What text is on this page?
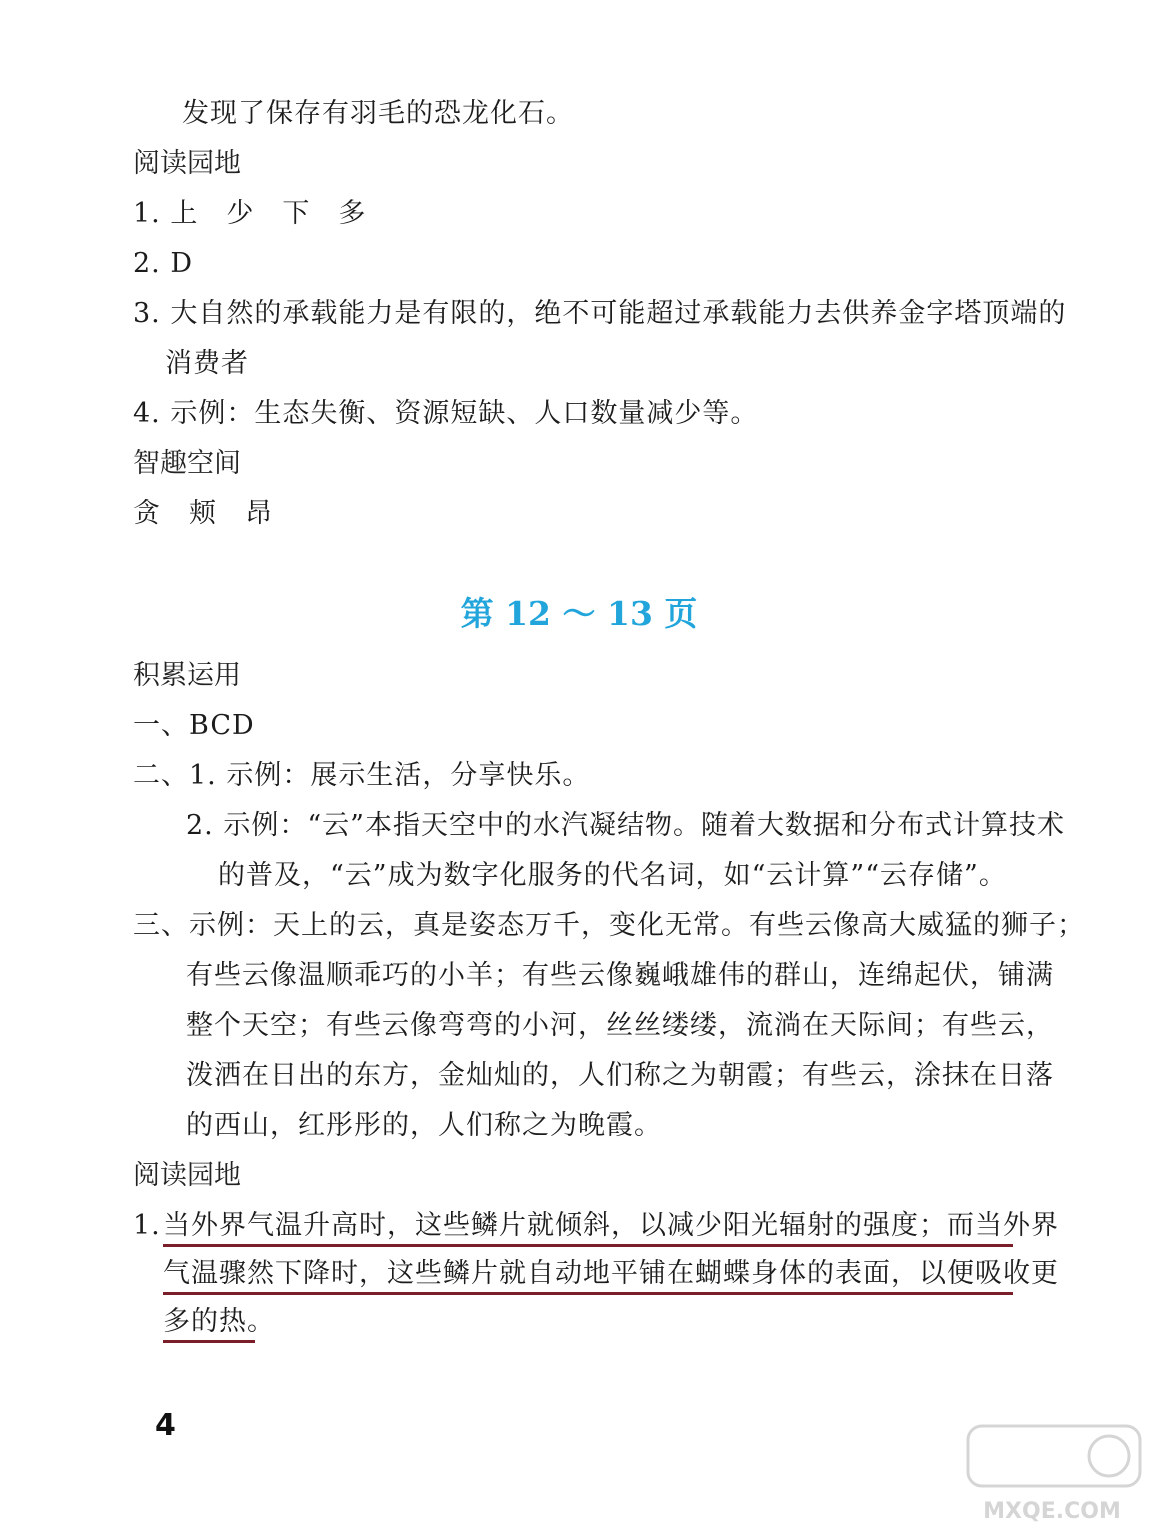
发现了保存有羽毛的恐龙化石。
阅读园地
1. 上　少　下　多
2. D
3. 大自然的承载能力是有限的，绝不可能超过承载能力去供养金字塔顶端的
消费者
4. 示例：生态失衡、资源短缺、人口数量减少等。
智趣空间
贪　颊　昂
第 12 ～ 13 页
积累运用
一、BCD
二、1. 示例：展示生活，分享快乐。
2. 示例：“云”本指天空中的水汽凝结物。随着大数据和分布式计算技术
的普及，“云”成为数字化服务的代名词，如“云计算”“云存储”。
三、示例：天上的云，真是姿态万千，变化无常。有些云像高大威猛的狮子；
有些云像温顺乖巧的小羊；有些云像巍峨雄伟的群山，连绵起伏，铺满
整个天空；有些云像弯弯的小河，丝丝缕缕，流淌在天际间；有些云，
泼洒在日出的东方，金灿灿的，人们称之为朝霞；有些云，涂抹在日落
的西山，红彤彤的，人们称之为晚霞。
阅读园地
1. 当外界气温升高时，这些鳞片就倾斜，以减少阳光辐射的强度；而当外界
气温骤然下降时，这些鳞片就自动地平铺在蝴蝶身体的表面，以便吸收更
多的热。
4
MXQE.COM
